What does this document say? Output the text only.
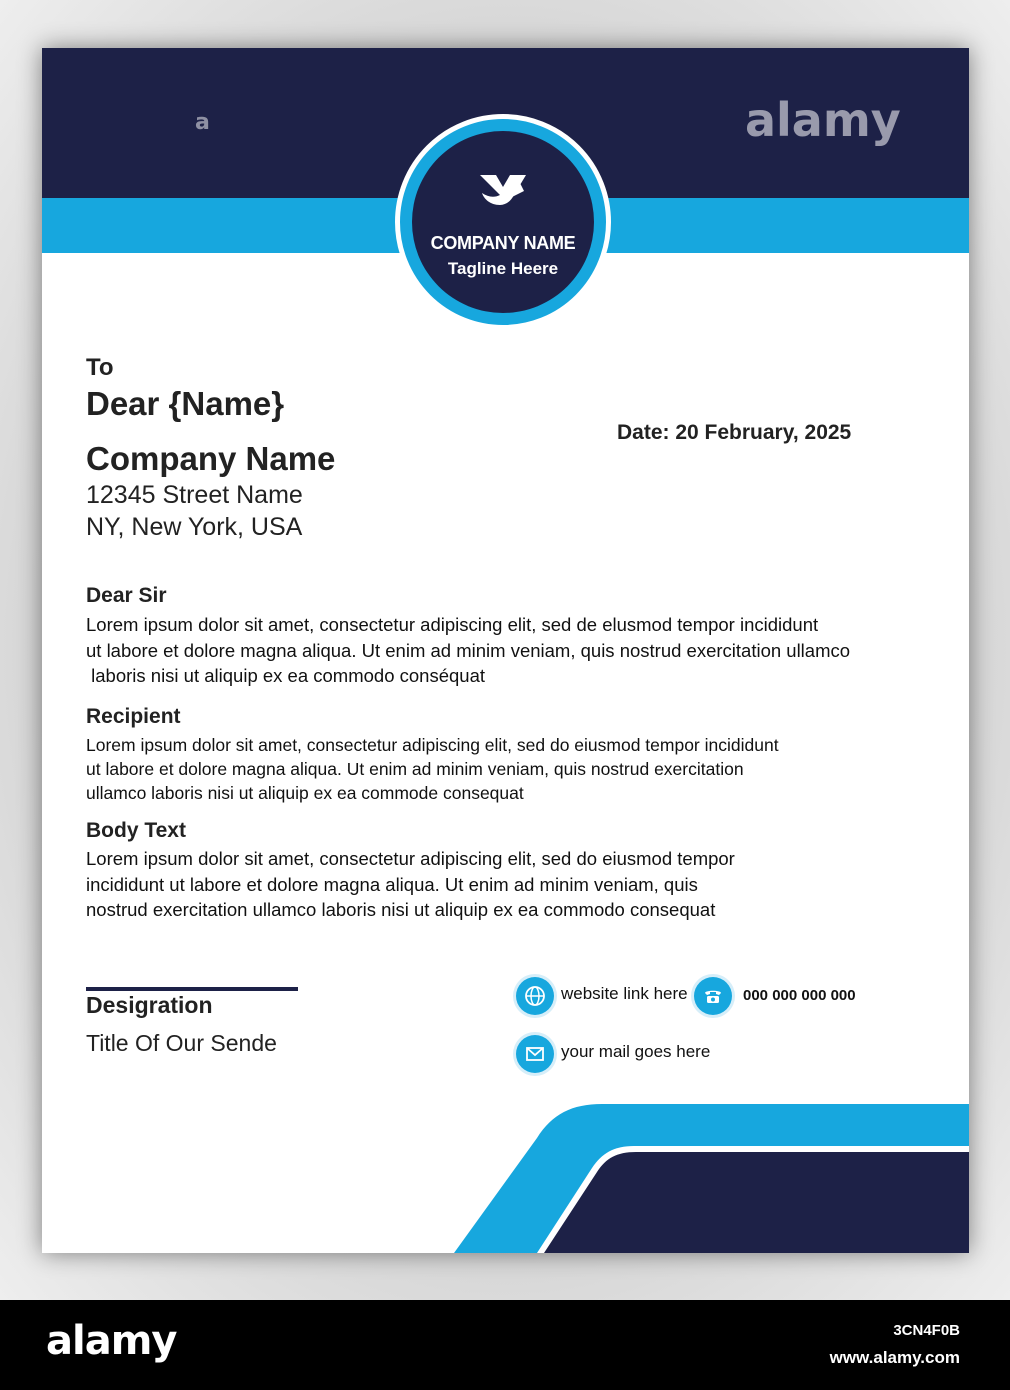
alamy
a
COMPANY NAME
Tagline Heere
To
Dear {Name}
Company Name
12345 Street Name
NY, New York, USA
Date: 20 February, 2025
Dear Sir
Lorem ipsum dolor sit amet, consectetur adipiscing elit, sed de elusmod tempor incididunt
ut labore et dolore magna aliqua. Ut enim ad minim veniam, quis nostrud exercitation ullamco
laboris nisi ut aliquip ex ea commodo conséquat
Recipient
Lorem ipsum dolor sit amet, consectetur adipiscing elit, sed do eiusmod tempor incididunt
ut labore et dolore magna aliqua. Ut enim ad minim veniam, quis nostrud exercitation
ullamco laboris nisi ut aliquip ex ea commode consequat
Body Text
Lorem ipsum dolor sit amet, consectetur adipiscing elit, sed do eiusmod tempor
incididunt ut labore et dolore magna aliqua. Ut enim ad minim veniam, quis
nostrud exercitation ullamco laboris nisi ut aliquip ex ea commodo consequat
Desigration
Title Of Our Sende
website link here	000 000 000 000
your mail goes here
alamy	3CN4F0B
www.alamy.com
